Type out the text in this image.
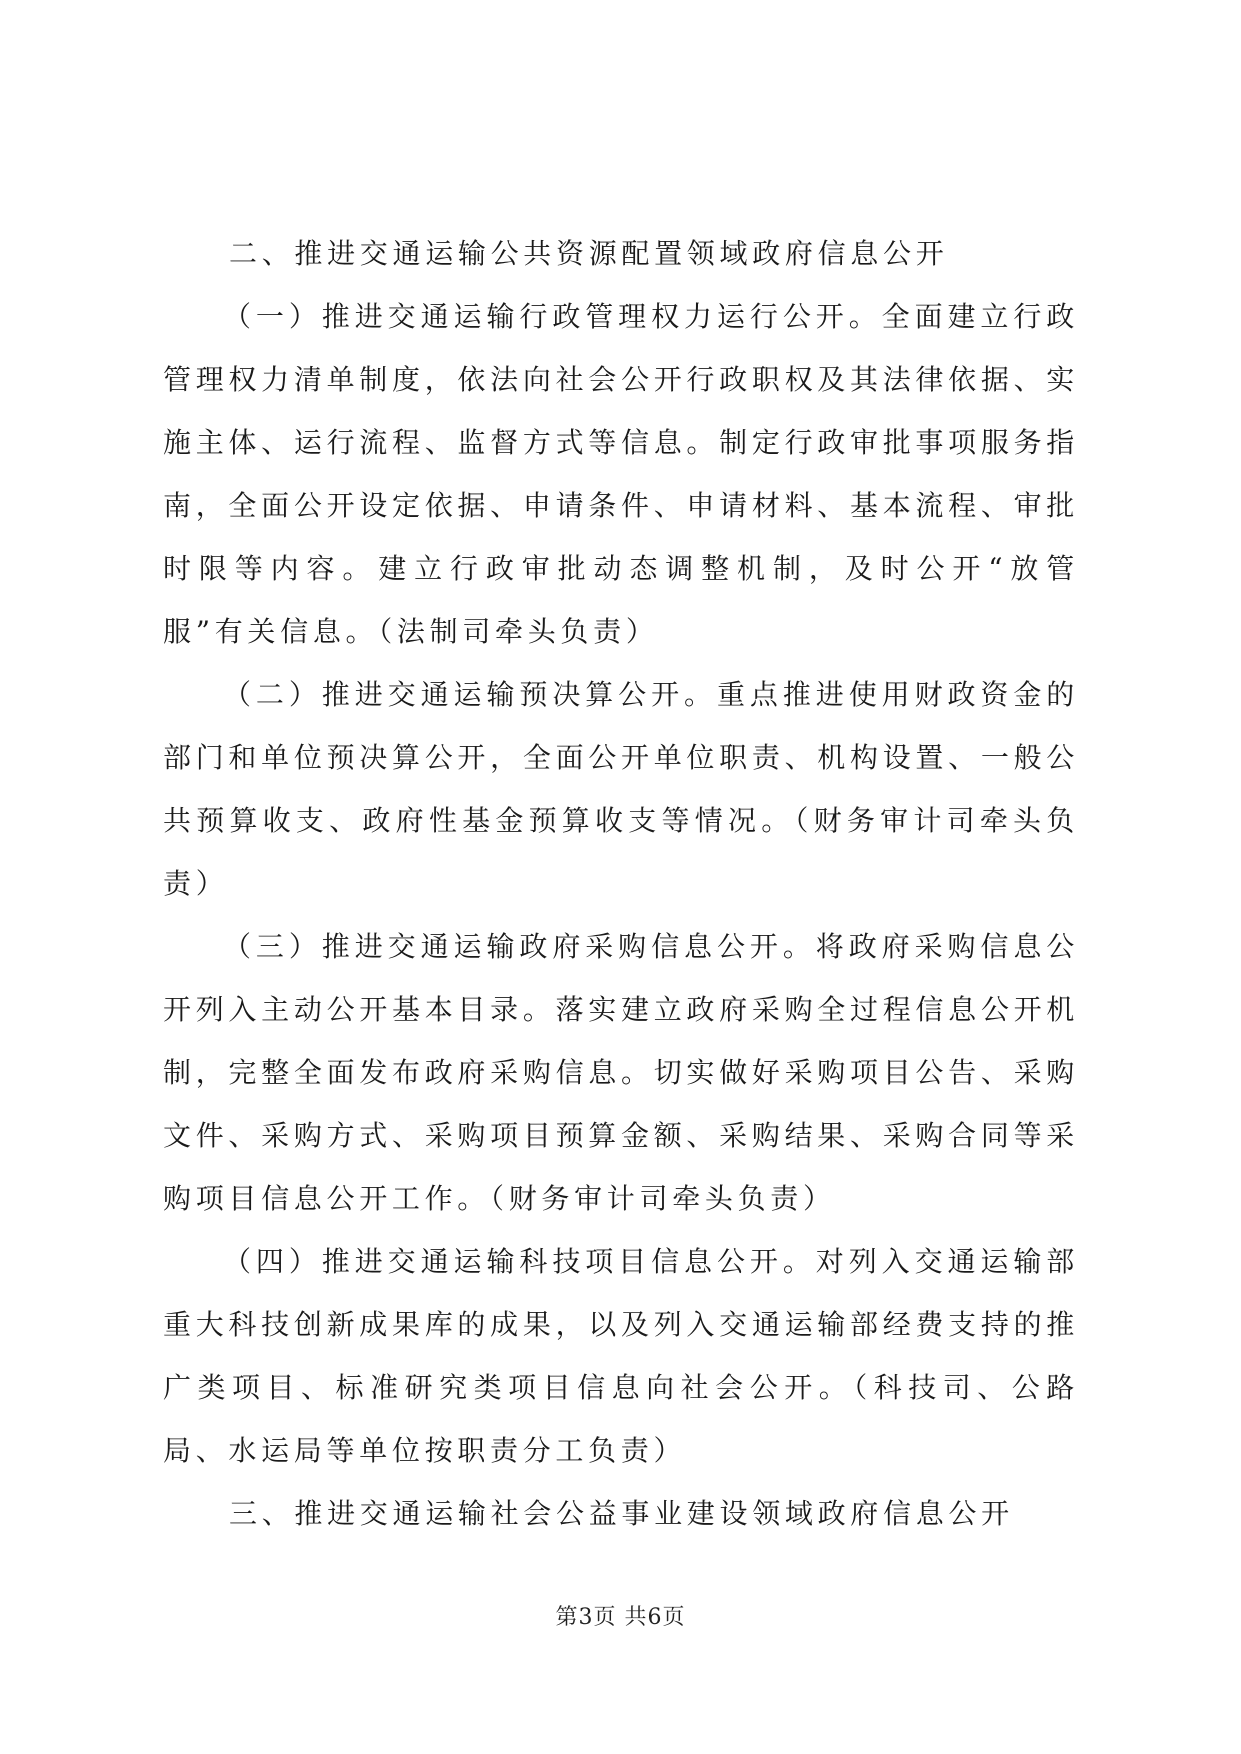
二、推进交通运输公共资源配置领域政府信息公开

（一）推进交通运输行政管理权力运行公开。全面建立行政管理权力清单制度，依法向社会公开行政职权及其法律依据、实施主体、运行流程、监督方式等信息。制定行政审批事项服务指南，全面公开设定依据、申请条件、申请材料、基本流程、审批时限等内容。建立行政审批动态调整机制，及时公开“放管服”有关信息。（法制司牵头负责）

（二）推进交通运输预决算公开。重点推进使用财政资金的部门和单位预决算公开，全面公开单位职责、机构设置、一般公共预算收支、政府性基金预算收支等情况。（财务审计司牵头负责）

（三）推进交通运输政府采购信息公开。将政府采购信息公开列入主动公开基本目录。落实建立政府采购全过程信息公开机制，完整全面发布政府采购信息。切实做好采购项目公告、采购文件、采购方式、采购项目预算金额、采购结果、采购合同等采购项目信息公开工作。（财务审计司牵头负责）

（四）推进交通运输科技项目信息公开。对列入交通运输部重大科技创新成果库的成果，以及列入交通运输部经费支持的推广类项目、标准研究类项目信息向社会公开。（科技司、公路局、水运局等单位按职责分工负责）

三、推进交通运输社会公益事业建设领域政府信息公开

第3页 共6页
